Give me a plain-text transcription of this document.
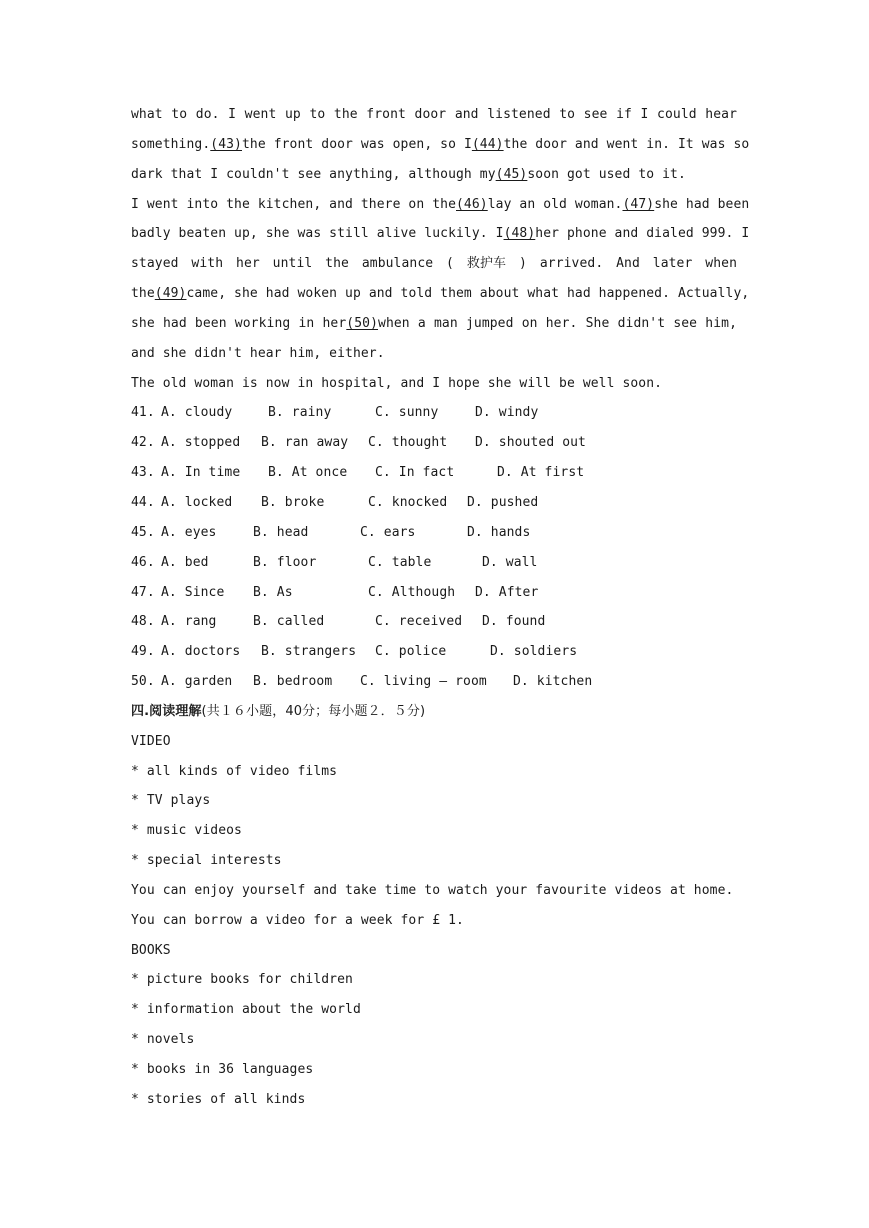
what to do. I went up to the front door and listened to see if I could hear
something.(43)the front door was open, so I(44)the door and went in. It was so
dark that I couldn't see anything, although my(45)soon got used to it.
I went into the kitchen, and there on the(46)lay an old woman.(47)she had been
badly beaten up, she was still alive luckily. I(48)her phone and dialed 999. I
stayed with her until the ambulance ( 救护车 ) arrived. And later when
the(49)came, she had woken up and told them about what had happened. Actually,
she had been working in her(50)when a man jumped on her. She didn't see him,
and she didn't hear him, either.
The old woman is now in hospital, and I hope she will be well soon.
41. A. cloudy	B. rainy	C. sunny	D. windy
42. A. stopped	B. ran away	C. thought	D. shouted out
43. A. In time	B. At once	C. In fact	D. At first
44. A. locked	B. broke	C. knocked	D. pushed
45. A. eyes	B. head	C. ears	D. hands
46. A. bed	B. floor	C. table	D. wall
47. A. Since	B. As	C. Although	D. After
48. A. rang	B. called	C. received	D. found
49. A. doctors	B. strangers	C. police	D. soldiers
50. A. garden	B. bedroom	C. living – room	D. kitchen
四.阅读理解(共１６小题，40分；每小题２．５分)
VIDEO
* all kinds of video films
* TV plays
* music videos
* special interests
You can enjoy yourself and take time to watch your favourite videos at home.
You can borrow a video for a week for £ 1.
BOOKS
* picture books for children
* information about the world
* novels
* books in 36 languages
* stories of all kinds
